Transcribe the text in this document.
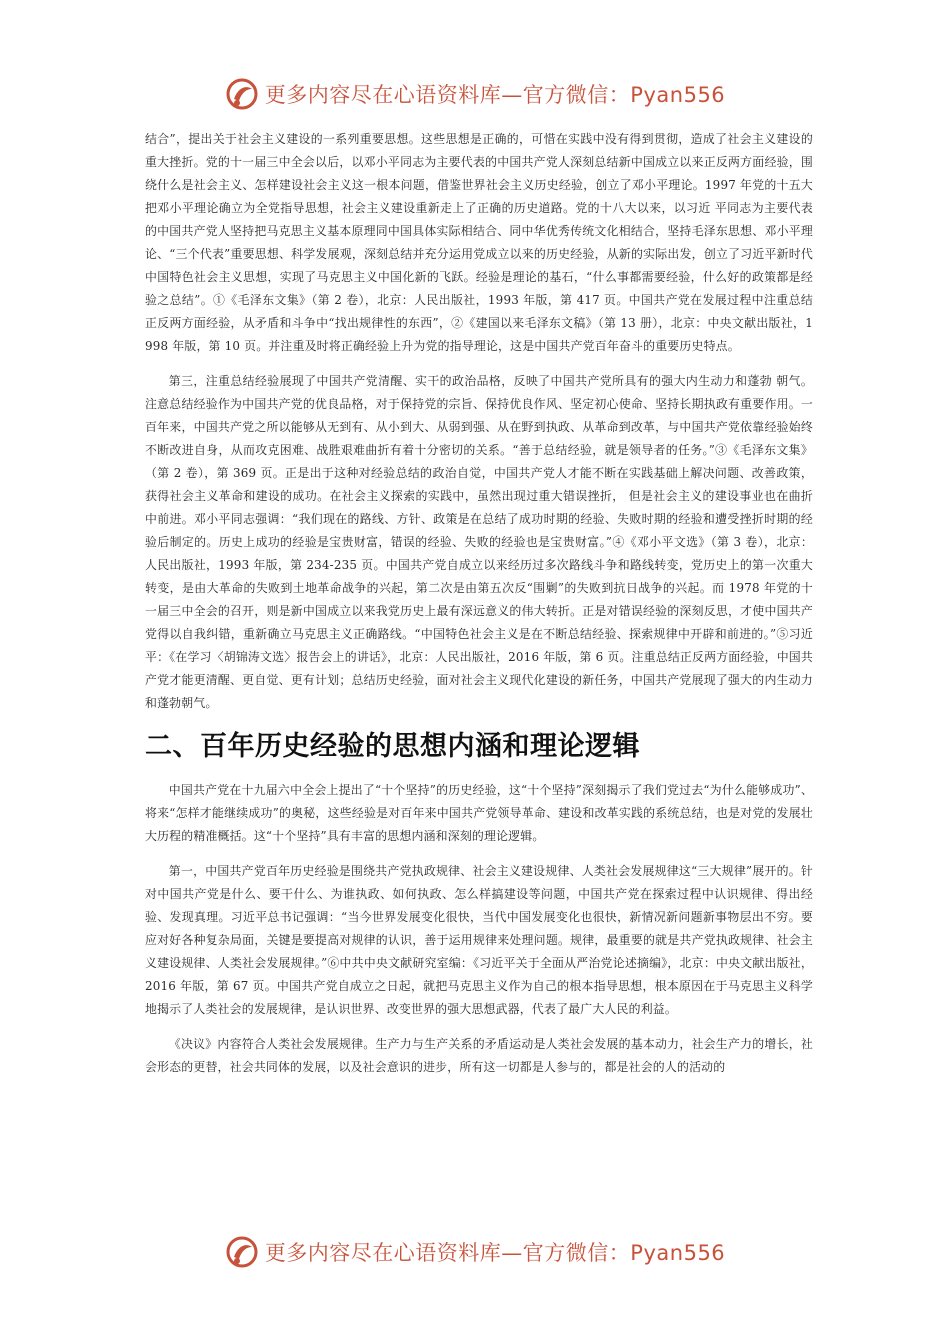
更多内容尽在心语资料库—官方微信：Pyan556

结合”，提出关于社会主义建设的一系列重要思想。这些思想是正确的，可惜在实践中没有得到贯彻，造成了社会主义建设的重大挫折。党的十一届三中全会以后，以邓小平同志为主要代表的中国共产党人深刻总结新中国成立以来正反两方面经验，围绕什么是社会主义、怎样建设社会主义这一根本问题，借鉴世界社会主义历史经验，创立了邓小平理论。1997 年党的十五大把邓小平理论确立为全党指导思想，社会主义建设重新走上了正确的历史道路。党的十八大以来，以习近 平同志为主要代表的中国共产党人坚持把马克思主义基本原理同中国具体实际相结合、同中华优秀传统文化相结合，坚持毛泽东思想、邓小平理论、“三个代表”重要思想、科学发展观，深刻总结并充分运用党成立以来的历史经验，从新的实际出发，创立了习近平新时代中国特色社会主义思想，实现了马克思主义中国化新的飞跃。经验是理论的基石，“什么事都需要经验，什么好的政策都是经验之总结”。①《毛泽东文集》（第 2 卷），北京：人民出版社，1993 年版，第 417 页。中国共产党在发展过程中注重总结正反两方面经验，从矛盾和斗争中“找出规律性的东西”，②《建国以来毛泽东文稿》（第 13 册），北京：中央文献出版社，1998 年版，第 10 页。并注重及时将正确经验上升为党的指导理论，这是中国共产党百年奋斗的重要历史特点。

第三，注重总结经验展现了中国共产党清醒、实干的政治品格，反映了中国共产党所具有的强大内生动力和蓬勃 朝气。注意总结经验作为中国共产党的优良品格，对于保持党的宗旨、保持优良作风、坚定初心使命、坚持长期执政有重要作用。一百年来，中国共产党之所以能够从无到有、从小到大、从弱到强、从在野到执政、从革命到改革，与中国共产党依靠经验始终不断改进自身，从而攻克困难、战胜艰难曲折有着十分密切的关系。“善于总结经验，就是领导者的任务。”③《毛泽东文集》（第 2 卷），第 369 页。正是出于这种对经验总结的政治自觉，中国共产党人才能不断在实践基础上解决问题、改善政策，获得社会主义革命和建设的成功。在社会主义探索的实践中，虽然出现过重大错误挫折， 但是社会主义的建设事业也在曲折中前进。邓小平同志强调：“我们现在的路线、方针、政策是在总结了成功时期的经验、失败时期的经验和遭受挫折时期的经验后制定的。历史上成功的经验是宝贵财富，错误的经验、失败的经验也是宝贵财富。”④《邓小平文选》（第 3 卷），北京：人民出版社，1993 年版，第 234-235 页。中国共产党自成立以来经历过多次路线斗争和路线转变，党历史上的第一次重大转变，是由大革命的失败到土地革命战争的兴起，第二次是由第五次反“围剿”的失败到抗日战争的兴起。而 1978 年党的十一届三中全会的召开，则是新中国成立以来我党历史上最有深远意义的伟大转折。正是对错误经验的深刻反思，才使中国共产党得以自我纠错，重新确立马克思主义正确路线。“中国特色社会主义是在不断总结经验、探索规律中开辟和前进的。”⑤习近平：《在学习〈胡锦涛文选〉报告会上的讲话》，北京：人民出版社，2016 年版，第 6 页。注重总结正反两方面经验，中国共产党才能更清醒、更自觉、更有计划；总结历史经验，面对社会主义现代化建设的新任务，中国共产党展现了强大的内生动力和蓬勃朝气。

二、百年历史经验的思想内涵和理论逻辑

中国共产党在十九届六中全会上提出了“十个坚持”的历史经验，这“十个坚持”深刻揭示了我们党过去“为什么能够成功”、将来“怎样才能继续成功”的奥秘，这些经验是对百年来中国共产党领导革命、建设和改革实践的系统总结，也是对党的发展壮大历程的精准概括。这“十个坚持”具有丰富的思想内涵和深刻的理论逻辑。

第一，中国共产党百年历史经验是围绕共产党执政规律、社会主义建设规律、人类社会发展规律这“三大规律”展开的。针对中国共产党是什么、要干什么、为谁执政、如何执政、怎么样搞建设等问题，中国共产党在探索过程中认识规律、得出经验、发现真理。习近平总书记强调：“当今世界发展变化很快，当代中国发展变化也很快，新情况新问题新事物层出不穷。要应对好各种复杂局面，关键是要提高对规律的认识，善于运用规律来处理问题。规律，最重要的就是共产党执政规律、社会主义建设规律、人类社会发展规律。”⑥中共中央文献研究室编：《习近平关于全面从严治党论述摘编》，北京：中央文献出版社，2016 年版，第 67 页。中国共产党自成立之日起，就把马克思主义作为自己的根本指导思想，根本原因在于马克思主义科学地揭示了人类社会的发展规律，是认识世界、改变世界的强大思想武器，代表了最广大人民的利益。

《决议》内容符合人类社会发展规律。生产力与生产关系的矛盾运动是人类社会发展的基本动力，社会生产力的增长，社会形态的更替，社会共同体的发展，以及社会意识的进步，所有这一切都是人参与的，都是社会的人的活动的

更多内容尽在心语资料库—官方微信：Pyan556
